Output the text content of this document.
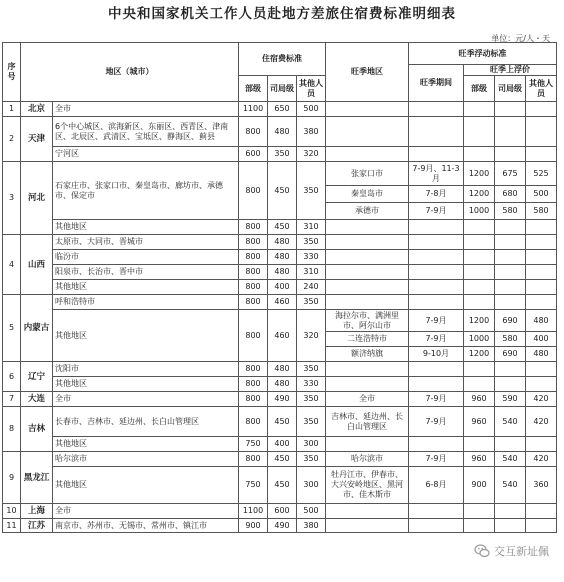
中央和国家机关工作人员赴地方差旅住宿费标准明细表
单位：元/人・天
序号	地区（城市）		住宿费标准			旺季地区	旺季浮动标准			
							旺季期间	旺季上浮价		
			部级	司局级	其他人员			部级	司局级	其他人员
1	北京	全市	1100	650	500					
2	天津	6个中心城区、滨海新区、东丽区、西青区、津南区、北辰区、武清区、宝坻区、静海区、蓟县	800	480	380					
		宁河区	600	350	320					
3	河北	石家庄市、张家口市、秦皇岛市、廊坊市、承德市、保定市	800	450	350	张家口市	7-9月、11-3月	1200	675	525
						秦皇岛市	7-8月	1200	680	500
						承德市	7-9月	1000	580	580
		其他地区	800	450	310					
4	山西	太原市、大同市、晋城市	800	480	350					
		临汾市	800	480	330					
		阳泉市、长治市、晋中市	800	480	310					
		其他地区	800	400	240					
5	内蒙古	呼和浩特市	800	460	350					
		其他地区	800	460	320	海拉尔市、满洲里市、阿尔山市	7-9月	1200	690	480
						二连浩特市	7-9月	1000	580	400
						额济纳旗	9-10月	1200	690	480
6	辽宁	沈阳市	800	480	350					
		其他地区	800	480	330					
7	大连	全市	800	490	350	全市	7-9月	960	590	420
8	吉林	长春市、吉林市、延边州、长白山管理区	800	450	350	吉林市、延边州、长白山管理区	7-9月	960	540	420
		其他地区	750	400	300					
9	黑龙江	哈尔滨市	800	450	350	哈尔滨市	7-9月	960	540	420
		其他地区	750	450	300	牡丹江市、伊春市、大兴安岭地区、黑河市、佳木斯市	6-8月	900	540	360
10	上海	全市	1100	600	500					
11	江苏	南京市、苏州市、无锡市、常州市、镇江市	900	490	380					
交互新址佩
